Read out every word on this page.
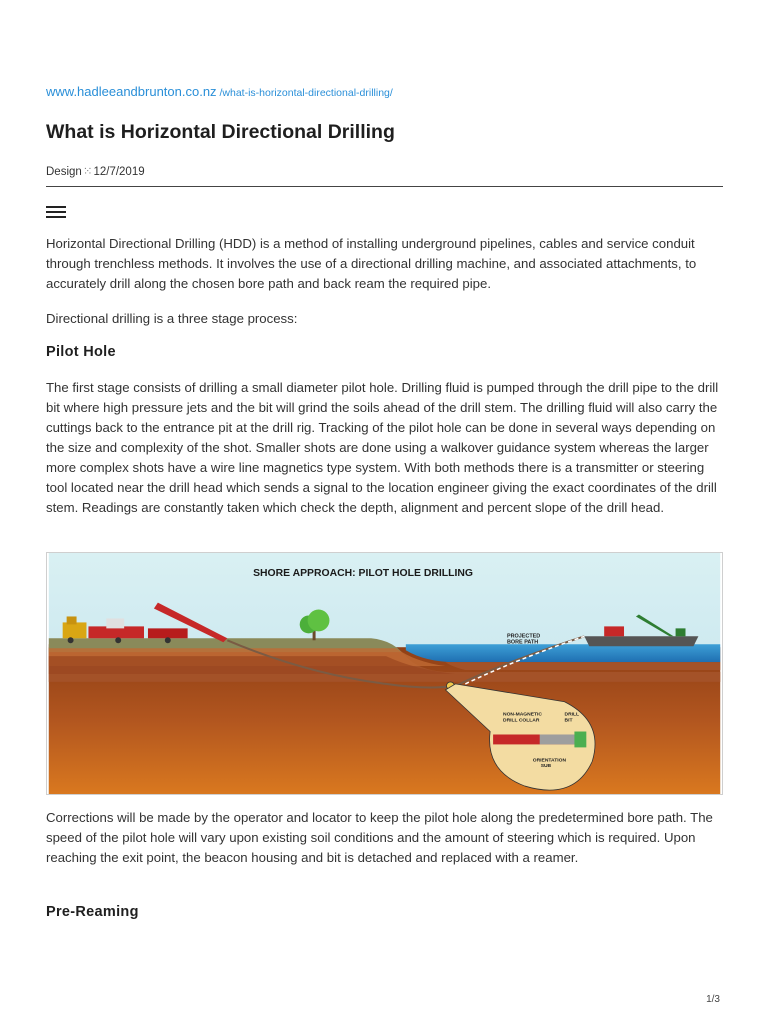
www.hadleeandbrunton.co.nz /what-is-horizontal-directional-drilling/
What is Horizontal Directional Drilling
Design⁙12/7/2019

Horizontal Directional Drilling (HDD) is a method of installing underground pipelines, cables and service conduit through trenchless methods. It involves the use of a directional drilling machine, and associated attachments, to accurately drill along the chosen bore path and back ream the required pipe.

Directional drilling is a three stage process:

Pilot Hole

The first stage consists of drilling a small diameter pilot hole. Drilling fluid is pumped through the drill pipe to the drill bit where high pressure jets and the bit will grind the soils ahead of the drill stem. The drilling fluid will also carry the cuttings back to the entrance pit at the drill rig. Tracking of the pilot hole can be done in several ways depending on the size and complexity of the shot. Smaller shots are done using a walkover guidance system whereas the larger more complex shots have a wire line magnetics type system. With both methods there is a transmitter or steering tool located near the drill head which sends a signal to the location engineer giving the exact coordinates of the drill stem. Readings are constantly taken which check the depth, alignment and percent slope of the drill head.

SHORE APPROACH: PILOT HOLE DRILLING
PROJECTED
BORE PATH
NON-MAGNETIC
DRILL COLLAR
DRILL
BIT
ORIENTATION
SUB

Corrections will be made by the operator and locator to keep the pilot hole along the predetermined bore path. The speed of the pilot hole will vary upon existing soil conditions and the amount of steering which is required. Upon reaching the exit point, the beacon housing and bit is detached and replaced with a reamer.

Pre-Reaming
1/3
